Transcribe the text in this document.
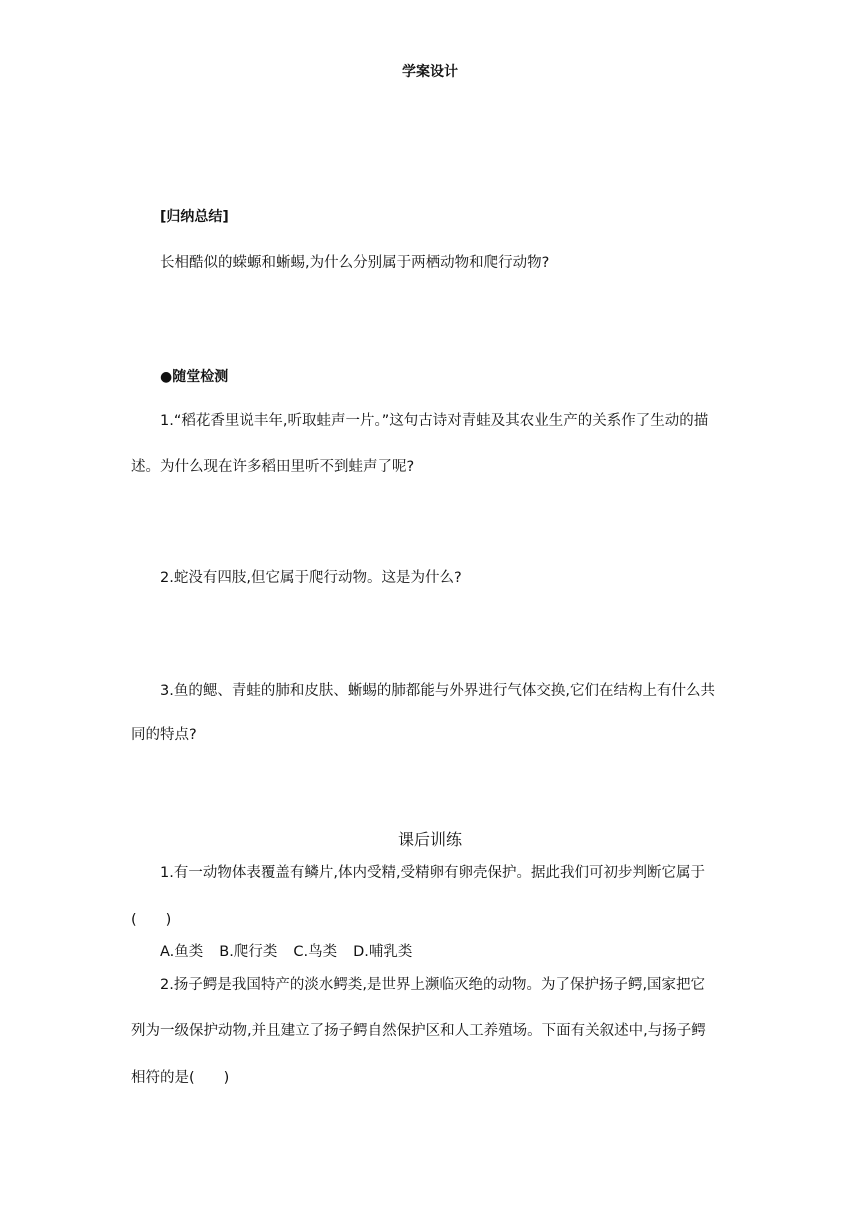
学案设计
[归纳总结]
长相酷似的蝾螈和蜥蜴,为什么分别属于两栖动物和爬行动物?
●随堂检测
1.“稻花香里说丰年,听取蛙声一片。”这句古诗对青蛙及其农业生产的关系作了生动的描
述。为什么现在许多稻田里听不到蛙声了呢?
2.蛇没有四肢,但它属于爬行动物。这是为什么?
3.鱼的鳃、青蛙的肺和皮肤、蜥蜴的肺都能与外界进行气体交换,它们在结构上有什么共
同的特点?
课后训练
1.有一动物体表覆盖有鳞片,体内受精,受精卵有卵壳保护。据此我们可初步判断它属于
(　　)
A.鱼类 B.爬行类 C.鸟类 D.哺乳类
2.扬子鳄是我国特产的淡水鳄类,是世界上濒临灭绝的动物。为了保护扬子鳄,国家把它
列为一级保护动物,并且建立了扬子鳄自然保护区和人工养殖场。下面有关叙述中,与扬子鳄
相符的是(　　)
